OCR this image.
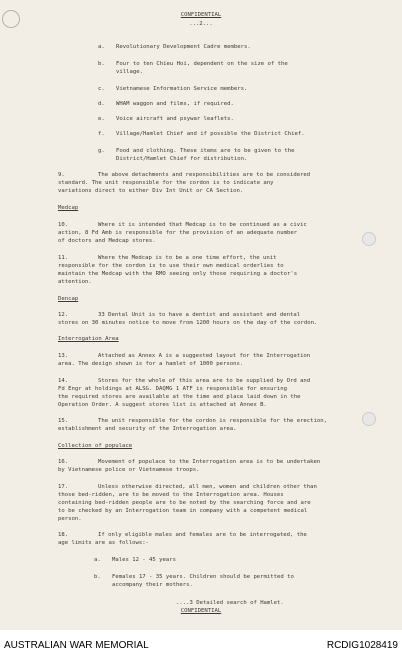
CONFIDENTIAL

...2...

a. Revolutionary Development Cadre members.

b. Four to ten Chieu Hoi, dependent on the size of the

village.

c. Vietnamese Information Service members.

d. WHAM waggon and films, if required.

e. Voice aircraft and psywar leaflets.

f. Village/Hamlet Chief and if possible the District Chief.

g. Food and clothing. These items are to be given to the

District/Hamlet Chief for distribution.

9.	The above detachments and responsibilities are to be considered

standard. The unit responsible for the cordon is to indicate any

variations direct to either Div Int Unit or CA Section.

Medcap

10.	Where it is intended that Medcap is to be continued as a civic

action, 8 Fd Amb is responsible for the provision of an adequate number

of doctors and Medcap stores.

11.	Where the Medcap is to be a one time effort, the unit

responsible for the cordon is to use their own medical orderlies to

maintain the Medcap with the RMO seeing only those requiring a doctor's

attention.

Dencap

12.	33 Dental Unit is to have a dentist and assistant and dental

stores on 30 minutes notice to move from 1200 hours on the day of the cordon.

Interrogation Area

13.	Attached as Annex A is a suggested layout for the Interrogation

area. The design shown is for a hamlet of 1000 persons.

14.	Stores for the whole of this area are to be supplied by Ord and

Fd Engr at holdings at ALSG. DAQMG 1 ATF is responsible for ensuring

the required stores are available at the time and place laid down in the

Operation Order. A suggest stores list is attached at Annex B.

15.	The unit responsible for the cordon is responsible for the erection,

establishment and security of the Interrogation area.

Collection of populace

16.	Movement of populace to the Interrogation area is to be undertaken

by Vietnamese police or Vietnamese troops.

17.	Unless otherwise directed, all men, women and children other than

those bed-ridden, are to be moved to the Interrogation area. Houses

containing bed-ridden people are to be noted by the searching force and are

to be checked by an Interrogation team in company with a competent medical

person.

18.	If only eligible males and females are to be interrogated, the

age limits are as follows:-

a. Males 12 - 45 years

b. Females 17 - 35 years. Children should be permitted to

accompany their mothers.

....3 Detailed search of Hamlet.

CONFIDENTIAL

AUSTRALIAN WAR MEMORIAL	RCDIG1028419
